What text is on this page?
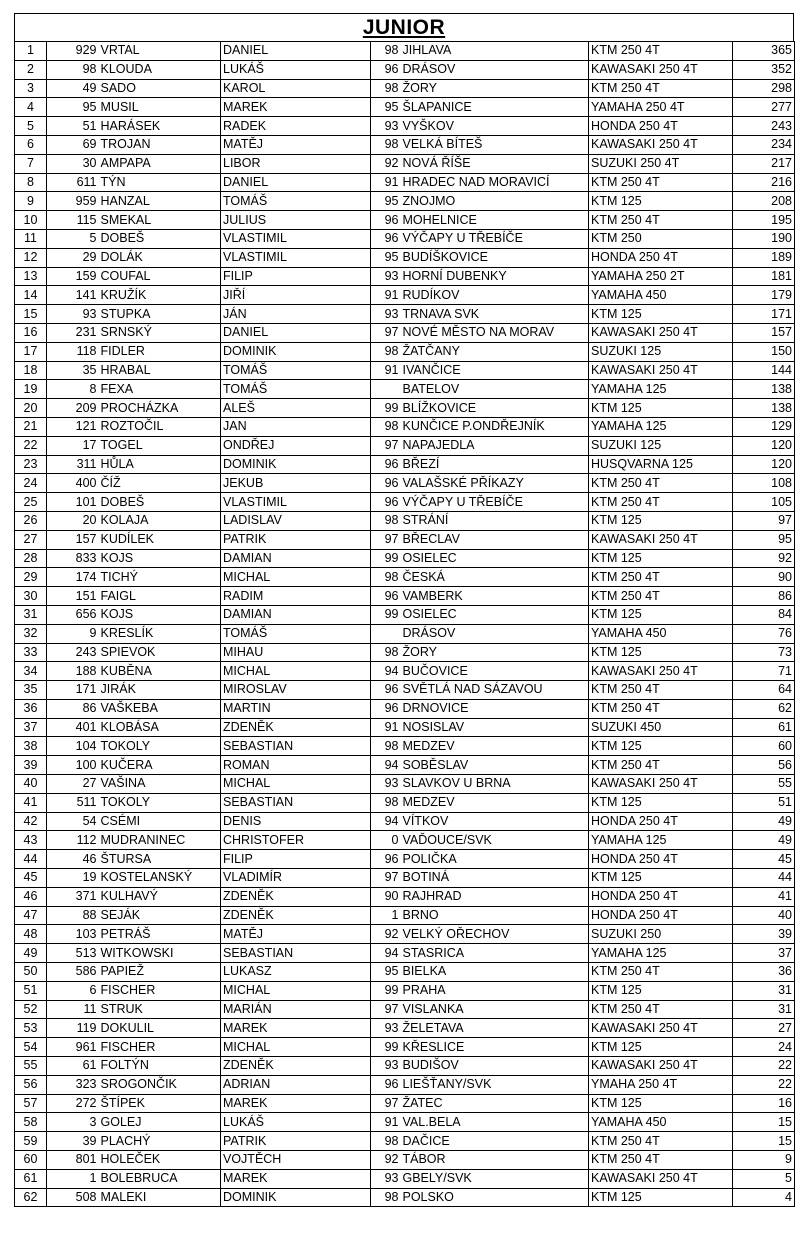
JUNIOR
1	929	VRTAL	DANIEL	98	JIHLAVA	KTM 250 4T	365
2	98	KLOUDA	LUKÁŠ	96	DRÁSOV	KAWASAKI 250 4T	352
3	49	SADO	KAROL	98	ŽORY	KTM 250 4T	298
4	95	MUSIL	MAREK	95	ŠLAPANICE	YAMAHA 250 4T	277
5	51	HARÁSEK	RADEK	93	VYŠKOV	HONDA 250 4T	243
6	69	TROJAN	MATĚJ	98	VELKÁ BÍTEŠ	KAWASAKI 250 4T	234
7	30	AMPAPA	LIBOR	92	NOVÁ ŘÍŠE	SUZUKI 250 4T	217
8	611	TÝN	DANIEL	91	HRADEC NAD MORAVICÍ	KTM 250 4T	216
9	959	HANZAL	TOMÁŠ	95	ZNOJMO	KTM 125	208
10	115	SMEKAL	JULIUS	96	MOHELNICE	KTM 250 4T	195
11	5	DOBEŠ	VLASTIMIL	96	VÝČAPY U TŘEBÍČE	KTM 250	190
12	29	DOLÁK	VLASTIMIL	95	BUDÍŠKOVICE	HONDA 250 4T	189
13	159	COUFAL	FILIP	93	HORNÍ DUBENKY	YAMAHA 250 2T	181
14	141	KRUŽÍK	JIŘÍ	91	RUDÍKOV	YAMAHA 450	179
15	93	STUPKA	JÁN	93	TRNAVA SVK	KTM 125	171
16	231	SRNSKÝ	DANIEL	97	NOVÉ MĚSTO NA MORAV	KAWASAKI 250 4T	157
17	118	FIDLER	DOMINIK	98	ŽATČANY	SUZUKI 125	150
18	35	HRABAL	TOMÁŠ	91	IVANČICE	KAWASAKI 250 4T	144
19	8	FEXA	TOMÁŠ		BATELOV	YAMAHA 125	138
20	209	PROCHÁZKA	ALEŠ	99	BLÍŽKOVICE	KTM 125	138
21	121	ROZTOČIL	JAN	98	KUNČICE P.ONDŘEJNÍK	YAMAHA 125	129
22	17	TOGEL	ONDŘEJ	97	NAPAJEDLA	SUZUKI 125	120
23	311	HŮLA	DOMINIK	96	BŘEZÍ	HUSQVARNA 125	120
24	400	ČÍŽ	JEKUB	96	VALAŠSKÉ PŘÍKAZY	KTM 250 4T	108
25	101	DOBEŠ	VLASTIMIL	96	VÝČAPY U TŘEBÍČE	KTM 250 4T	105
26	20	KOLAJA	LADISLAV	98	STRÁNÍ	KTM 125	97
27	157	KUDÍLEK	PATRIK	97	BŘECLAV	KAWASAKI 250 4T	95
28	833	KOJS	DAMIAN	99	OSIELEC	KTM 125	92
29	174	TICHÝ	MICHAL	98	ČESKÁ	KTM 250 4T	90
30	151	FAIGL	RADIM	96	VAMBERK	KTM 250 4T	86
31	656	KOJS	DAMIAN	99	OSIELEC	KTM 125	84
32	9	KRESLÍK	TOMÁŠ		DRÁSOV	YAMAHA 450	76
33	243	SPIEVOK	MIHAU	98	ŽORY	KTM 125	73
34	188	KUBĚNA	MICHAL	94	BUČOVICE	KAWASAKI 250 4T	71
35	171	JIRÁK	MIROSLAV	96	SVĚTLÁ NAD SÁZAVOU	KTM 250 4T	64
36	86	VAŠKEBA	MARTIN	96	DRNOVICE	KTM 250 4T	62
37	401	KLOBÁSA	ZDENĚK	91	NOSISLAV	SUZUKI 450	61
38	104	TOKOLY	SEBASTIAN	98	MEDZEV	KTM 125	60
39	100	KUČERA	ROMAN	94	SOBĚSLAV	KTM 250 4T	56
40	27	VAŠINA	MICHAL	93	SLAVKOV U BRNA	KAWASAKI 250 4T	55
41	511	TOKOLY	SEBASTIAN	98	MEDZEV	KTM 125	51
42	54	CSÉMI	DENIS	94	VÍTKOV	HONDA 250 4T	49
43	112	MUDRANINEC	CHRISTOFER	0	VAĎOUCE/SVK	YAMAHA 125	49
44	46	ŠTURSA	FILIP	96	POLIČKA	HONDA 250 4T	45
45	19	KOSTELANSKÝ	VLADIMÍR	97	BOTINÁ	KTM 125	44
46	371	KULHAVÝ	ZDENĚK	90	RAJHRAD	HONDA 250 4T	41
47	88	SEJÁK	ZDENĚK	1	BRNO	HONDA 250 4T	40
48	103	PETRÁŠ	MATĚJ	92	VELKÝ OŘECHOV	SUZUKI 250	39
49	513	WITKOWSKI	SEBASTIAN	94	STASRICA	YAMAHA 125	37
50	586	PAPIEŽ	LUKASZ	95	BIELKA	KTM 250 4T	36
51	6	FISCHER	MICHAL	99	PRAHA	KTM 125	31
52	11	STRUK	MARIÁN	97	VISLANKA	KTM 250 4T	31
53	119	DOKULIL	MAREK	93	ŽELETAVA	KAWASAKI 250 4T	27
54	961	FISCHER	MICHAL	99	KŘESLICE	KTM 125	24
55	61	FOLTÝN	ZDENĚK	93	BUDIŠOV	KAWASAKI 250 4T	22
56	323	SROGONČIK	ADRIAN	96	LIEŠŤANY/SVK	YMAHA 250 4T	22
57	272	ŠTÍPEK	MAREK	97	ŽATEC	KTM 125	16
58	3	GOLEJ	LUKÁŠ	91	VAL.BELA	YAMAHA 450	15
59	39	PLACHÝ	PATRIK	98	DAČICE	KTM 250 4T	15
60	801	HOLEČEK	VOJTĚCH	92	TÁBOR	KTM 250 4T	9
61	1	BOLEBRUCA	MAREK	93	GBELY/SVK	KAWASAKI 250 4T	5
62	508	MALEKI	DOMINIK	98	POLSKO	KTM 125	4
